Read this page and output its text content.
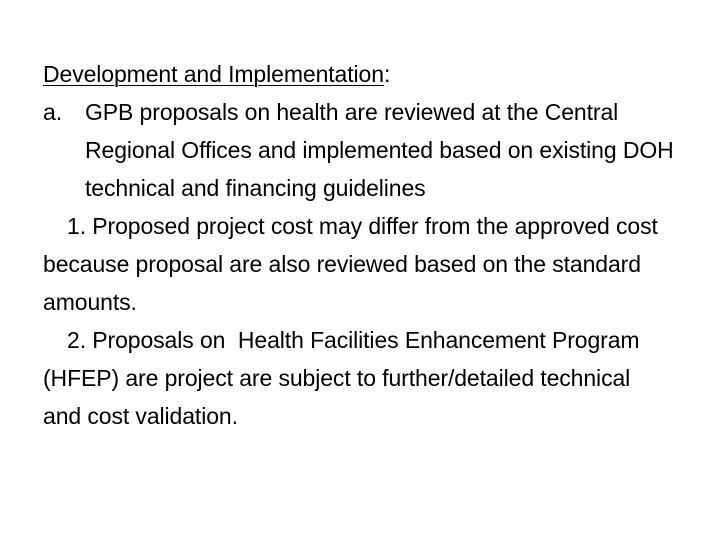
Development and Implementation:
a.	GPB proposals on health are reviewed at the Central Regional Offices and implemented based on existing DOH technical and financing guidelines
1. Proposed project cost may differ from the approved cost because proposal are also reviewed based on the standard amounts.
2. Proposals on  Health Facilities Enhancement Program (HFEP) are project are subject to further/detailed technical and cost validation.
